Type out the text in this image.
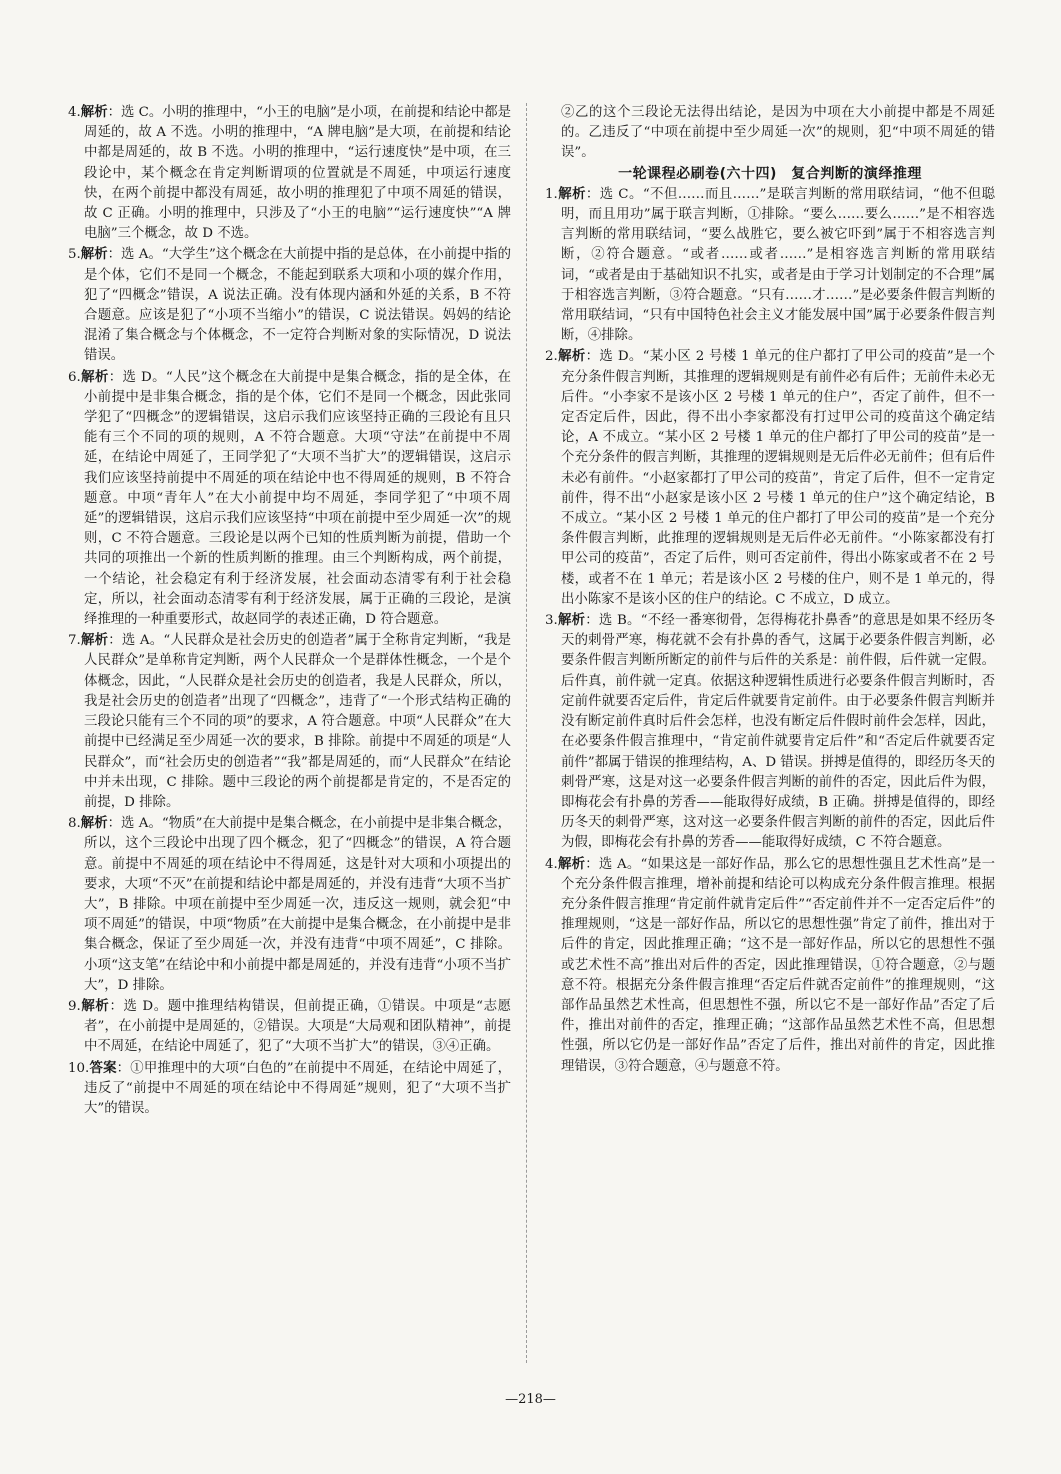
4.解析：选 C。小明的推理中，“小王的电脑”是小项，在前提和结论中都是周延的，故 A 不选。小明的推理中，“A 牌电脑”是大项，在前提和结论中都是周延的，故 B 不选。小明的推理中，“运行速度快”是中项，在三段论中，某个概念在肯定判断谓项的位置就是不周延，中项运行速度快，在两个前提中都没有周延，故小明的推理犯了中项不周延的错误，故 C 正确。小明的推理中，只涉及了“小王的电脑”“运行速度快”“A 牌电脑”三个概念，故 D 不选。
5.解析：选 A。“大学生”这个概念在大前提中指的是总体，在小前提中指的是个体，它们不是同一个概念，不能起到联系大项和小项的媒介作用，犯了“四概念”错误，A 说法正确。没有体现内涵和外延的关系，B 不符合题意。应该是犯了“小项不当缩小”的错误，C 说法错误。妈妈的结论混淆了集合概念与个体概念，不一定符合判断对象的实际情况，D 说法错误。
6.解析：选 D。“人民”这个概念在大前提中是集合概念，指的是全体，在小前提中是非集合概念，指的是个体，它们不是同一个概念，因此张同学犯了“四概念”的逻辑错误，这启示我们应该坚持正确的三段论有且只能有三个不同的项的规则，A 不符合题意。大项“守法”在前提中不周延，在结论中周延了，王同学犯了“大项不当扩大”的逻辑错误，这启示我们应该坚持前提中不周延的项在结论中也不得周延的规则，B 不符合题意。中项“青年人”在大小前提中均不周延，李同学犯了“中项不周延”的逻辑错误，这启示我们应该坚持“中项在前提中至少周延一次”的规则，C 不符合题意。三段论是以两个已知的性质判断为前提，借助一个共同的项推出一个新的性质判断的推理。由三个判断构成，两个前提，一个结论，社会稳定有利于经济发展，社会面动态清零有利于社会稳定，所以，社会面动态清零有利于经济发展，属于正确的三段论，是演绎推理的一种重要形式，故赵同学的表述正确，D 符合题意。
7.解析：选 A。“人民群众是社会历史的创造者”属于全称肯定判断，“我是人民群众”是单称肯定判断，两个人民群众一个是群体性概念，一个是个体概念，因此，“人民群众是社会历史的创造者，我是人民群众，所以，我是社会历史的创造者”出现了“四概念”，违背了“一个形式结构正确的三段论只能有三个不同的项”的要求，A 符合题意。中项“人民群众”在大前提中已经满足至少周延一次的要求，B 排除。前提中不周延的项是“人民群众”，而“社会历史的创造者”“我”都是周延的，而“人民群众”在结论中并未出现，C 排除。题中三段论的两个前提都是肯定的，不是否定的前提，D 排除。
8.解析：选 A。“物质”在大前提中是集合概念，在小前提中是非集合概念，所以，这个三段论中出现了四个概念，犯了“四概念”的错误，A 符合题意。前提中不周延的项在结论中不得周延，这是针对大项和小项提出的要求，大项“不灭”在前提和结论中都是周延的，并没有违背“大项不当扩大”，B 排除。中项在前提中至少周延一次，违反这一规则，就会犯“中项不周延”的错误，中项“物质”在大前提中是集合概念，在小前提中是非集合概念，保证了至少周延一次，并没有违背“中项不周延”，C 排除。小项“这支笔”在结论中和小前提中都是周延的，并没有违背“小项不当扩大”，D 排除。
9.解析：选 D。题中推理结构错误，但前提正确，①错误。中项是“志愿者”，在小前提中是周延的，②错误。大项是“大局观和团队精神”，前提中不周延，在结论中周延了，犯了“大项不当扩大”的错误，③④正确。
10.答案：①甲推理中的大项“白色的”在前提中不周延，在结论中周延了，违反了“前提中不周延的项在结论中不得周延”规则，犯了“大项不当扩大”的错误。
②乙的这个三段论无法得出结论，是因为中项在大小前提中都是不周延的。乙违反了“中项在前提中至少周延一次”的规则，犯“中项不周延的错误”。
一轮课程必刷卷(六十四)　复合判断的演绎推理
1.解析：选 C。“不但……而且……”是联言判断的常用联结词，“他不但聪明，而且用功”属于联言判断，①排除。“要么……要么……”是不相容选言判断的常用联结词，“要么战胜它，要么被它吓到”属于不相容选言判断，②符合题意。“或者……或者……”是相容选言判断的常用联结词，“或者是由于基础知识不扎实，或者是由于学习计划制定的不合理”属于相容选言判断，③符合题意。“只有……才……”是必要条件假言判断的常用联结词，“只有中国特色社会主义才能发展中国”属于必要条件假言判断，④排除。
2.解析：选 D。“某小区 2 号楼 1 单元的住户都打了甲公司的疫苗”是一个充分条件假言判断，其推理的逻辑规则是有前件必有后件；无前件未必无后件。“小李家不是该小区 2 号楼 1 单元的住户”，否定了前件，但不一定否定后件，因此，得不出小李家都没有打过甲公司的疫苗这个确定结论，A 不成立。“某小区 2 号楼 1 单元的住户都打了甲公司的疫苗”是一个充分条件的假言判断，其推理的逻辑规则是无后件必无前件；但有后件未必有前件。“小赵家都打了甲公司的疫苗”，肯定了后件，但不一定肯定前件，得不出“小赵家是该小区 2 号楼 1 单元的住户”这个确定结论，B 不成立。“某小区 2 号楼 1 单元的住户都打了甲公司的疫苗”是一个充分条件假言判断，此推理的逻辑规则是无后件必无前件。“小陈家都没有打甲公司的疫苗”，否定了后件，则可否定前件，得出小陈家或者不在 2 号楼，或者不在 1 单元；若是该小区 2 号楼的住户，则不是 1 单元的，得出小陈家不是该小区的住户的结论。C 不成立，D 成立。
3.解析：选 B。“不经一番寒彻骨，怎得梅花扑鼻香”的意思是如果不经历冬天的刺骨严寒，梅花就不会有扑鼻的香气，这属于必要条件假言判断，必要条件假言判断所断定的前件与后件的关系是：前件假，后件就一定假。后件真，前件就一定真。依据这种逻辑性质进行必要条件假言判断时，否定前件就要否定后件，肯定后件就要肯定前件。由于必要条件假言判断并没有断定前件真时后件会怎样，也没有断定后件假时前件会怎样，因此，在必要条件假言推理中，“肯定前件就要肯定后件”和“否定后件就要否定前件”都属于错误的推理结构，A、D 错误。拼搏是值得的，即经历冬天的刺骨严寒，这是对这一必要条件假言判断的前件的否定，因此后件为假，即梅花会有扑鼻的芳香——能取得好成绩，B 正确。拼搏是值得的，即经历冬天的刺骨严寒，这对这一必要条件假言判断的前件的否定，因此后件为假，即梅花会有扑鼻的芳香——能取得好成绩，C 不符合题意。
4.解析：选 A。“如果这是一部好作品，那么它的思想性强且艺术性高”是一个充分条件假言推理，增补前提和结论可以构成充分条件假言推理。根据充分条件假言推理“肯定前件就肯定后件”“否定前件并不一定否定后件”的推理规则，“这是一部好作品，所以它的思想性强”肯定了前件，推出对于后件的肯定，因此推理正确；“这不是一部好作品，所以它的思想性不强或艺术性不高”推出对后件的否定，因此推理错误，①符合题意，②与题意不符。根据充分条件假言推理“否定后件就否定前件”的推理规则，“这部作品虽然艺术性高，但思想性不强，所以它不是一部好作品”否定了后件，推出对前件的否定，推理正确；“这部作品虽然艺术性不高，但思想性强，所以它仍是一部好作品”否定了后件，推出对前件的肯定，因此推理错误，③符合题意，④与题意不符。
—218—
